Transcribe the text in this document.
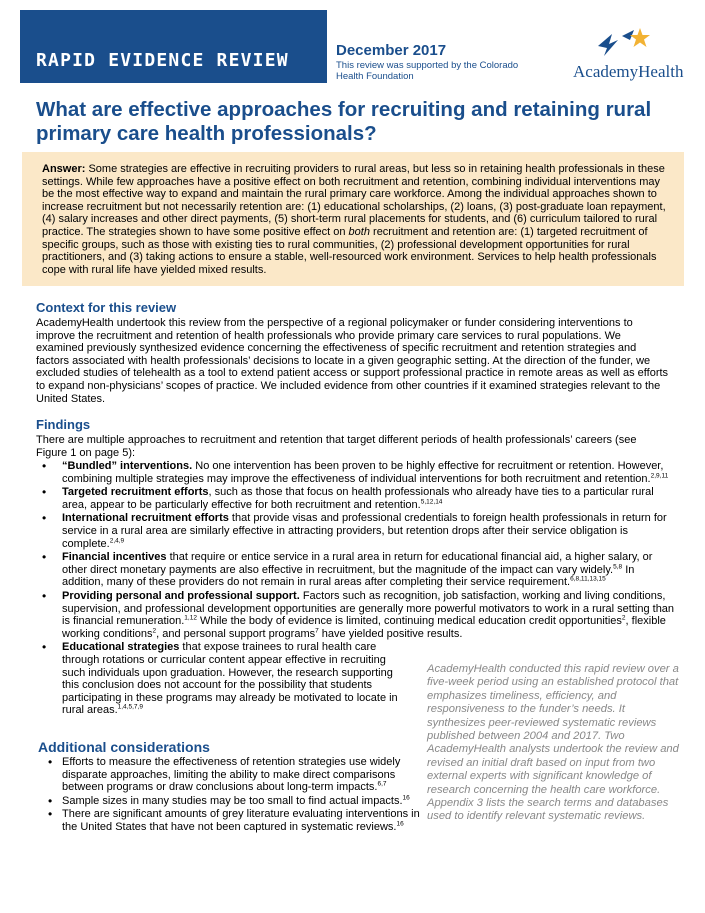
RAPID EVIDENCE REVIEW	December 2017
This review was supported by the Colorado Health Foundation	AcademyHealth
What are effective approaches for recruiting and retaining rural primary care health professionals?

Answer: Some strategies are effective in recruiting providers to rural areas, but less so in retaining health professionals in these settings. While few approaches have a positive effect on both recruitment and retention, combining individual interventions may be the most effective way to expand and maintain the rural primary care workforce. Among the individual approaches shown to increase recruitment but not necessarily retention are: (1) educational scholarships, (2) loans, (3) post-graduate loan repayment, (4) salary increases and other direct payments, (5) short-term rural placements for students, and (6) curriculum tailored to rural practice. The strategies shown to have some positive effect on both recruitment and retention are: (1) targeted recruitment of specific groups, such as those with existing ties to rural communities, (2) professional development opportunities for rural practitioners, and (3) taking actions to ensure a stable, well-resourced work environment. Services to help health professionals cope with rural life have yielded mixed results.

Context for this review

AcademyHealth undertook this review from the perspective of a regional policymaker or funder considering interventions to improve the recruitment and retention of health professionals who provide primary care services to rural populations. We examined previously synthesized evidence concerning the effectiveness of specific recruitment and retention strategies and factors associated with health professionals’ decisions to locate in a given geographic setting. At the direction of the funder, we excluded studies of telehealth as a tool to extend patient access or support professional practice in remote areas as well as efforts to expand non-physicians’ scopes of practice. We included evidence from other countries if it examined strategies relevant to the United States.

Findings

There are multiple approaches to recruitment and retention that target different periods of health professionals’ careers (see Figure 1 on page 5):

• “Bundled” interventions. No one intervention has been proven to be highly effective for recruitment or retention. However, combining multiple strategies may improve the effectiveness of individual interventions for both recruitment and retention.$^{2,9,11}$
• Targeted recruitment efforts, such as those that focus on health professionals who already have ties to a particular rural area, appear to be particularly effective for both recruitment and retention.$^{5,12,14}$
• International recruitment efforts that provide visas and professional credentials to foreign health professionals in return for service in a rural area are similarly effective in attracting providers, but retention drops after their service obligation is complete.$^{2,4,9}$
• Financial incentives that require or entice service in a rural area in return for educational financial aid, a higher salary, or other direct monetary payments are also effective in recruitment, but the magnitude of the impact can vary widely.$^{5,8}$ In addition, many of these providers do not remain in rural areas after completing their service requirement.$^{6,8,11,13,15}$
• Providing personal and professional support. Factors such as recognition, job satisfaction, working and living conditions, supervision, and professional development opportunities are generally more powerful motivators to work in a rural setting than is financial remuneration.$^{1,12}$ While the body of evidence is limited, continuing medical education credit opportunities$^2$, flexible working conditions$^2$, and personal support programs$^7$ have yielded positive results.
• Educational strategies that expose trainees to rural health care through rotations or curricular content appear effective in recruiting such individuals upon graduation. However, the research supporting this conclusion does not account for the possibility that students participating in these programs may already be motivated to locate in rural areas.$^{1,4,5,7,9}$

AcademyHealth conducted this rapid review over a five-week period using an established protocol that emphasizes timeliness, efficiency, and responsiveness to the funder’s needs. It synthesizes peer-reviewed systematic reviews published between 2004 and 2017. Two AcademyHealth analysts undertook the review and revised an initial draft based on input from two external experts with significant knowledge of research concerning the health care workforce. Appendix 3 lists the search terms and databases used to identify relevant systematic reviews.

Additional considerations
• Efforts to measure the effectiveness of retention strategies use widely disparate approaches, limiting the ability to make direct comparisons between programs or draw conclusions about long-term impacts.$^{6,7}$
• Sample sizes in many studies may be too small to find actual impacts.$^{16}$
• There are significant amounts of grey literature evaluating interventions in the United States that have not been captured in systematic reviews.$^{16}$
